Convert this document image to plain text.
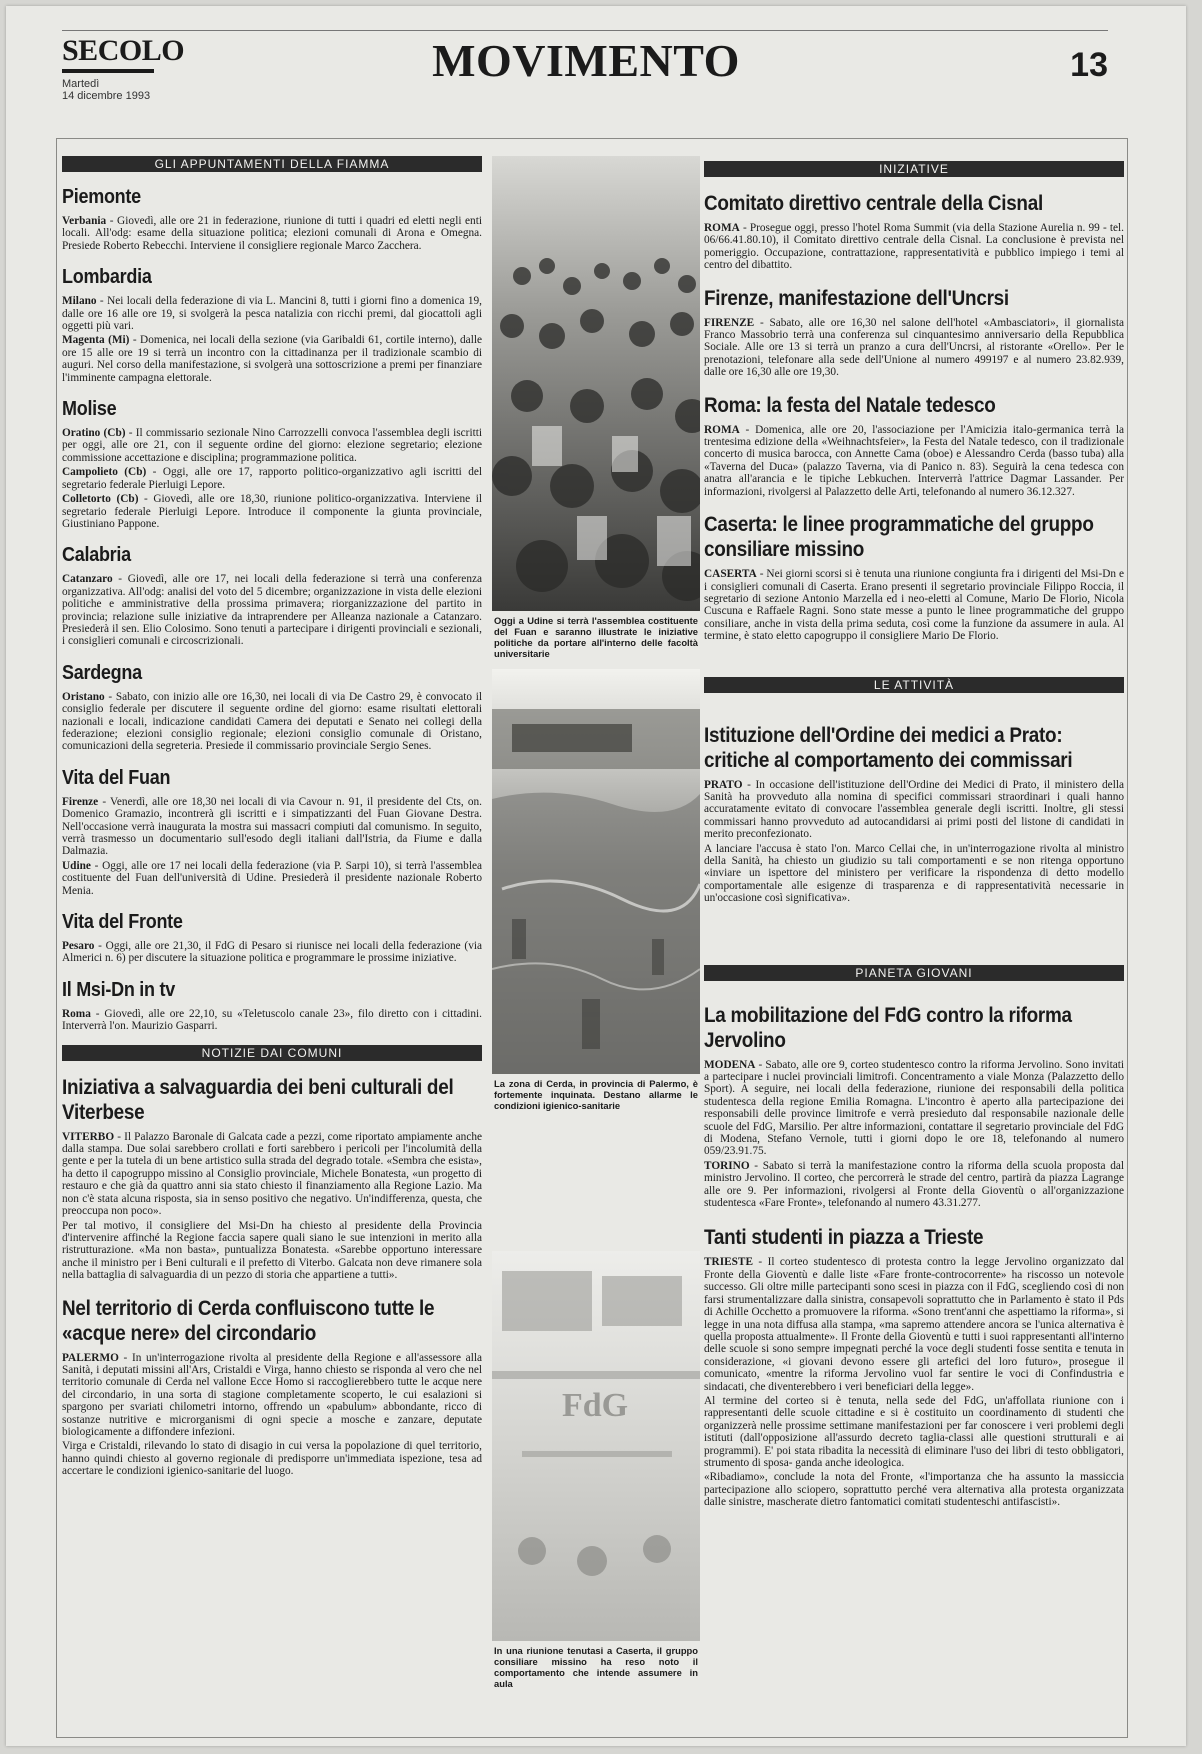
SECOLO
Martedì
14 dicembre 1993
MOVIMENTO	13
GLI APPUNTAMENTI DELLA FIAMMA
Piemonte

Verbania - Giovedì, alle ore 21 in federazione, riunione di tutti i quadri ed eletti negli enti locali. All'odg: esame della situazione politica; elezioni comunali di Arona e Omegna. Presiede Roberto Rebecchi. Interviene il consigliere regionale Marco Zacchera.

Lombardia

Milano - Nei locali della federazione di via L. Mancini 8, tutti i giorni fino a domenica 19, dalle ore 16 alle ore 19, si svolgerà la pesca natalizia con ricchi premi, dal giocattoli agli oggetti più vari.

Magenta (Mi) - Domenica, nei locali della sezione (via Garibaldi 61, cortile interno), dalle ore 15 alle ore 19 si terrà un incontro con la cittadinanza per il tradizionale scambio di auguri. Nel corso della manifestazione, si svolgerà una sottoscrizione a premi per finanziare l'imminente campagna elettorale.

Molise

Oratino (Cb) - Il commissario sezionale Nino Carrozzelli convoca l'assemblea degli iscritti per oggi, alle ore 21, con il seguente ordine del giorno: elezione segretario; elezione commissione accettazione e disciplina; programmazione politica.

Campolieto (Cb) - Oggi, alle ore 17, rapporto politico-organizzativo agli iscritti del segretario federale Pierluigi Lepore.

Colletorto (Cb) - Giovedì, alle ore 18,30, riunione politico-organizzativa. Interviene il segretario federale Pierluigi Lepore. Introduce il componente la giunta provinciale, Giustiniano Pappone.

Calabria

Catanzaro - Giovedì, alle ore 17, nei locali della federazione si terrà una conferenza organizzativa. All'odg: analisi del voto del 5 dicembre; organizzazione in vista delle elezioni politiche e amministrative della prossima primavera; riorganizzazione del partito in provincia; relazione sulle iniziative da intraprendere per Alleanza nazionale a Catanzaro. Presiederà il sen. Elio Colosimo. Sono tenuti a partecipare i dirigenti provinciali e sezionali, i consiglieri comunali e circoscrizionali.

Sardegna

Oristano - Sabato, con inizio alle ore 16,30, nei locali di via De Castro 29, è convocato il consiglio federale per discutere il seguente ordine del giorno: esame risultati elettorali nazionali e locali, indicazione candidati Camera dei deputati e Senato nei collegi della federazione; elezioni consiglio regionale; elezioni consiglio comunale di Oristano, comunicazioni della segreteria. Presiede il commissario provinciale Sergio Senes.

Vita del Fuan

Firenze - Venerdì, alle ore 18,30 nei locali di via Cavour n. 91, il presidente del Cts, on. Domenico Gramazio, incontrerà gli iscritti e i simpatizzanti del Fuan Giovane Destra. Nell'occasione verrà inaugurata la mostra sui massacri compiuti dal comunismo. In seguito, verrà trasmesso un documentario sull'esodo degli italiani dall'Istria, da Fiume e dalla Dalmazia.

Udine - Oggi, alle ore 17 nei locali della federazione (via P. Sarpi 10), si terrà l'assemblea costituente del Fuan dell'università di Udine. Presiederà il presidente nazionale Roberto Menia.

Vita del Fronte

Pesaro - Oggi, alle ore 21,30, il FdG di Pesaro si riunisce nei locali della federazione (via Almerici n. 6) per discutere la situazione politica e programmare le prossime iniziative.

Il Msi-Dn in tv

Roma - Giovedì, alle ore 22,10, su «Teletuscolo canale 23», filo diretto con i cittadini. Interverrà l'on. Maurizio Gasparri.

NOTIZIE DAI COMUNI
Iniziativa a salvaguardia dei beni culturali del Viterbese

VITERBO - Il Palazzo Baronale di Galcata cade a pezzi, come riportato ampiamente anche dalla stampa. Due solai sarebbero crollati e forti sarebbero i pericoli per l'incolumità della gente e per la tutela di un bene artistico sulla strada del degrado totale. «Sembra che esista», ha detto il capogruppo missino al Consiglio provinciale, Michele Bonatesta, «un progetto di restauro e che già da quattro anni sia stato chiesto il finanziamento alla Regione Lazio. Ma non c'è stata alcuna risposta, sia in senso positivo che negativo. Un'indifferenza, questa, che preoccupa non poco».

Per tal motivo, il consigliere del Msi-Dn ha chiesto al presidente della Provincia d'intervenire affinché la Regione faccia sapere quali siano le sue intenzioni in merito alla ristrutturazione. «Ma non basta», puntualizza Bonatesta. «Sarebbe opportuno interessare anche il ministro per i Beni culturali e il prefetto di Viterbo. Galcata non deve rimanere sola nella battaglia di salvaguardia di un pezzo di storia che appartiene a tutti».

Nel territorio di Cerda confluiscono tutte le «acque nere» del circondario

PALERMO - In un'interrogazione rivolta al presidente della Regione e all'assessore alla Sanità, i deputati missini all'Ars, Cristaldi e Virga, hanno chiesto se risponda al vero che nel territorio comunale di Cerda nel vallone Ecce Homo si raccoglierebbero tutte le acque nere del circondario, in una sorta di stagione completamente scoperto, le cui esalazioni si spargono per svariati chilometri intorno, offrendo un «pabulum» abbondante, ricco di sostanze nutritive e microrganismi di ogni specie a mosche e zanzare, deputate biologicamente a diffondere infezioni.

Virga e Cristaldi, rilevando lo stato di disagio in cui versa la popolazione di quel territorio, hanno quindi chiesto al governo regionale di predisporre un'immediata ispezione, tesa ad accertare le condizioni igienico-sanitarie del luogo.

Oggi a Udine si terrà l'assemblea costituente del Fuan e saranno illustrate le iniziative politiche da portare all'interno delle facoltà universitarie
La zona di Cerda, in provincia di Palermo, è fortemente inquinata. Destano allarme le condizioni igienico-sanitarie
FdG
In una riunione tenutasi a Caserta, il gruppo consiliare missino ha reso noto il comportamento che intende assumere in aula
INIZIATIVE
Comitato direttivo centrale della Cisnal

ROMA - Prosegue oggi, presso l'hotel Roma Summit (via della Stazione Aurelia n. 99 - tel. 06/66.41.80.10), il Comitato direttivo centrale della Cisnal. La conclusione è prevista nel pomeriggio. Occupazione, contrattazione, rappresentatività e pubblico impiego i temi al centro del dibattito.

Firenze, manifestazione dell'Uncrsi

FIRENZE - Sabato, alle ore 16,30 nel salone dell'hotel «Ambasciatori», il giornalista Franco Massobrio terrà una conferenza sul cinquantesimo anniversario della Repubblica Sociale. Alle ore 13 si terrà un pranzo a cura dell'Uncrsi, al ristorante «Orello». Per le prenotazioni, telefonare alla sede dell'Unione al numero 499197 e al numero 23.82.939, dalle ore 16,30 alle ore 19,30.

Roma: la festa del Natale tedesco

ROMA - Domenica, alle ore 20, l'associazione per l'Amicizia italo-germanica terrà la trentesima edizione della «Weihnachtsfeier», la Festa del Natale tedesco, con il tradizionale concerto di musica barocca, con Annette Cama (oboe) e Alessandro Cerda (basso tuba) alla «Taverna del Duca» (palazzo Taverna, via di Panico n. 83). Seguirà la cena tedesca con anatra all'arancia e le tipiche Lebkuchen. Interverrà l'attrice Dagmar Lassander. Per informazioni, rivolgersi al Palazzetto delle Arti, telefonando al numero 36.12.327.

Caserta: le linee programmatiche del gruppo consiliare missino

CASERTA - Nei giorni scorsi si è tenuta una riunione congiunta fra i dirigenti del Msi-Dn e i consiglieri comunali di Caserta. Erano presenti il segretario provinciale Filippo Roccia, il segretario di sezione Antonio Marzella ed i neo-eletti al Comune, Mario De Florio, Nicola Cuscuna e Raffaele Ragni. Sono state messe a punto le linee programmatiche del gruppo consiliare, anche in vista della prima seduta, così come la funzione da assumere in aula. Al termine, è stato eletto capogruppo il consigliere Mario De Florio.

LE ATTIVITÀ
Istituzione dell'Ordine dei medici a Prato: critiche al comportamento dei commissari

PRATO - In occasione dell'istituzione dell'Ordine dei Medici di Prato, il ministero della Sanità ha provveduto alla nomina di specifici commissari straordinari i quali hanno accuratamente evitato di convocare l'assemblea generale degli iscritti. Inoltre, gli stessi commissari hanno provveduto ad autocandidarsi ai primi posti del listone di candidati in merito preconfezionato.

A lanciare l'accusa è stato l'on. Marco Cellai che, in un'interrogazione rivolta al ministro della Sanità, ha chiesto un giudizio su tali comportamenti e se non ritenga opportuno «inviare un ispettore del ministero per verificare la rispondenza di detto modello comportamentale alle esigenze di trasparenza e di rappresentatività necessarie in un'occasione così significativa».

PIANETA GIOVANI
La mobilitazione del FdG contro la riforma Jervolino

MODENA - Sabato, alle ore 9, corteo studentesco contro la riforma Jervolino. Sono invitati a partecipare i nuclei provinciali limitrofi. Concentramento a viale Monza (Palazzetto dello Sport). A seguire, nei locali della federazione, riunione dei responsabili della politica studentesca della regione Emilia Romagna. L'incontro è aperto alla partecipazione dei responsabili delle province limitrofe e verrà presieduto dal responsabile nazionale delle scuole del FdG, Marsilio. Per altre informazioni, contattare il segretario provinciale del FdG di Modena, Stefano Vernole, tutti i giorni dopo le ore 18, telefonando al numero 059/23.91.75.

TORINO - Sabato si terrà la manifestazione contro la riforma della scuola proposta dal ministro Jervolino. Il corteo, che percorrerà le strade del centro, partirà da piazza Lagrange alle ore 9. Per informazioni, rivolgersi al Fronte della Gioventù o all'organizzazione studentesca «Fare Fronte», telefonando al numero 43.31.277.

Tanti studenti in piazza a Trieste

TRIESTE - Il corteo studentesco di protesta contro la legge Jervolino organizzato dal Fronte della Gioventù e dalle liste «Fare fronte-controcorrente» ha riscosso un notevole successo. Gli oltre mille partecipanti sono scesi in piazza con il FdG, scegliendo così di non farsi strumentalizzare dalla sinistra, consapevoli soprattutto che in Parlamento è stato il Pds di Achille Occhetto a promuovere la riforma. «Sono trent'anni che aspettiamo la riforma», si legge in una nota diffusa alla stampa, «ma sapremo attendere ancora se l'unica alternativa è quella proposta attualmente». Il Fronte della Gioventù e tutti i suoi rappresentanti all'interno delle scuole si sono sempre impegnati perché la voce degli studenti fosse sentita e tenuta in considerazione, «i giovani devono essere gli artefici del loro futuro», prosegue il comunicato, «mentre la riforma Jervolino vuol far sentire le voci di Confindustria e sindacati, che diventerebbero i veri beneficiari della legge».

Al termine del corteo si è tenuta, nella sede del FdG, un'affollata riunione con i rappresentanti delle scuole cittadine e si è costituito un coordinamento di studenti che organizzerà nelle prossime settimane manifestazioni per far conoscere i veri problemi degli istituti (dall'opposizione all'assurdo decreto taglia-classi alle questioni strutturali e ai programmi). E' poi stata ribadita la necessità di eliminare l'uso dei libri di testo obbligatori, strumento di sposa- ganda anche ideologica.

«Ribadiamo», conclude la nota del Fronte, «l'importanza che ha assunto la massiccia partecipazione allo sciopero, soprattutto perché vera alternativa alla protesta organizzata dalle sinistre, mascherate dietro fantomatici comitati studenteschi antifascisti».
